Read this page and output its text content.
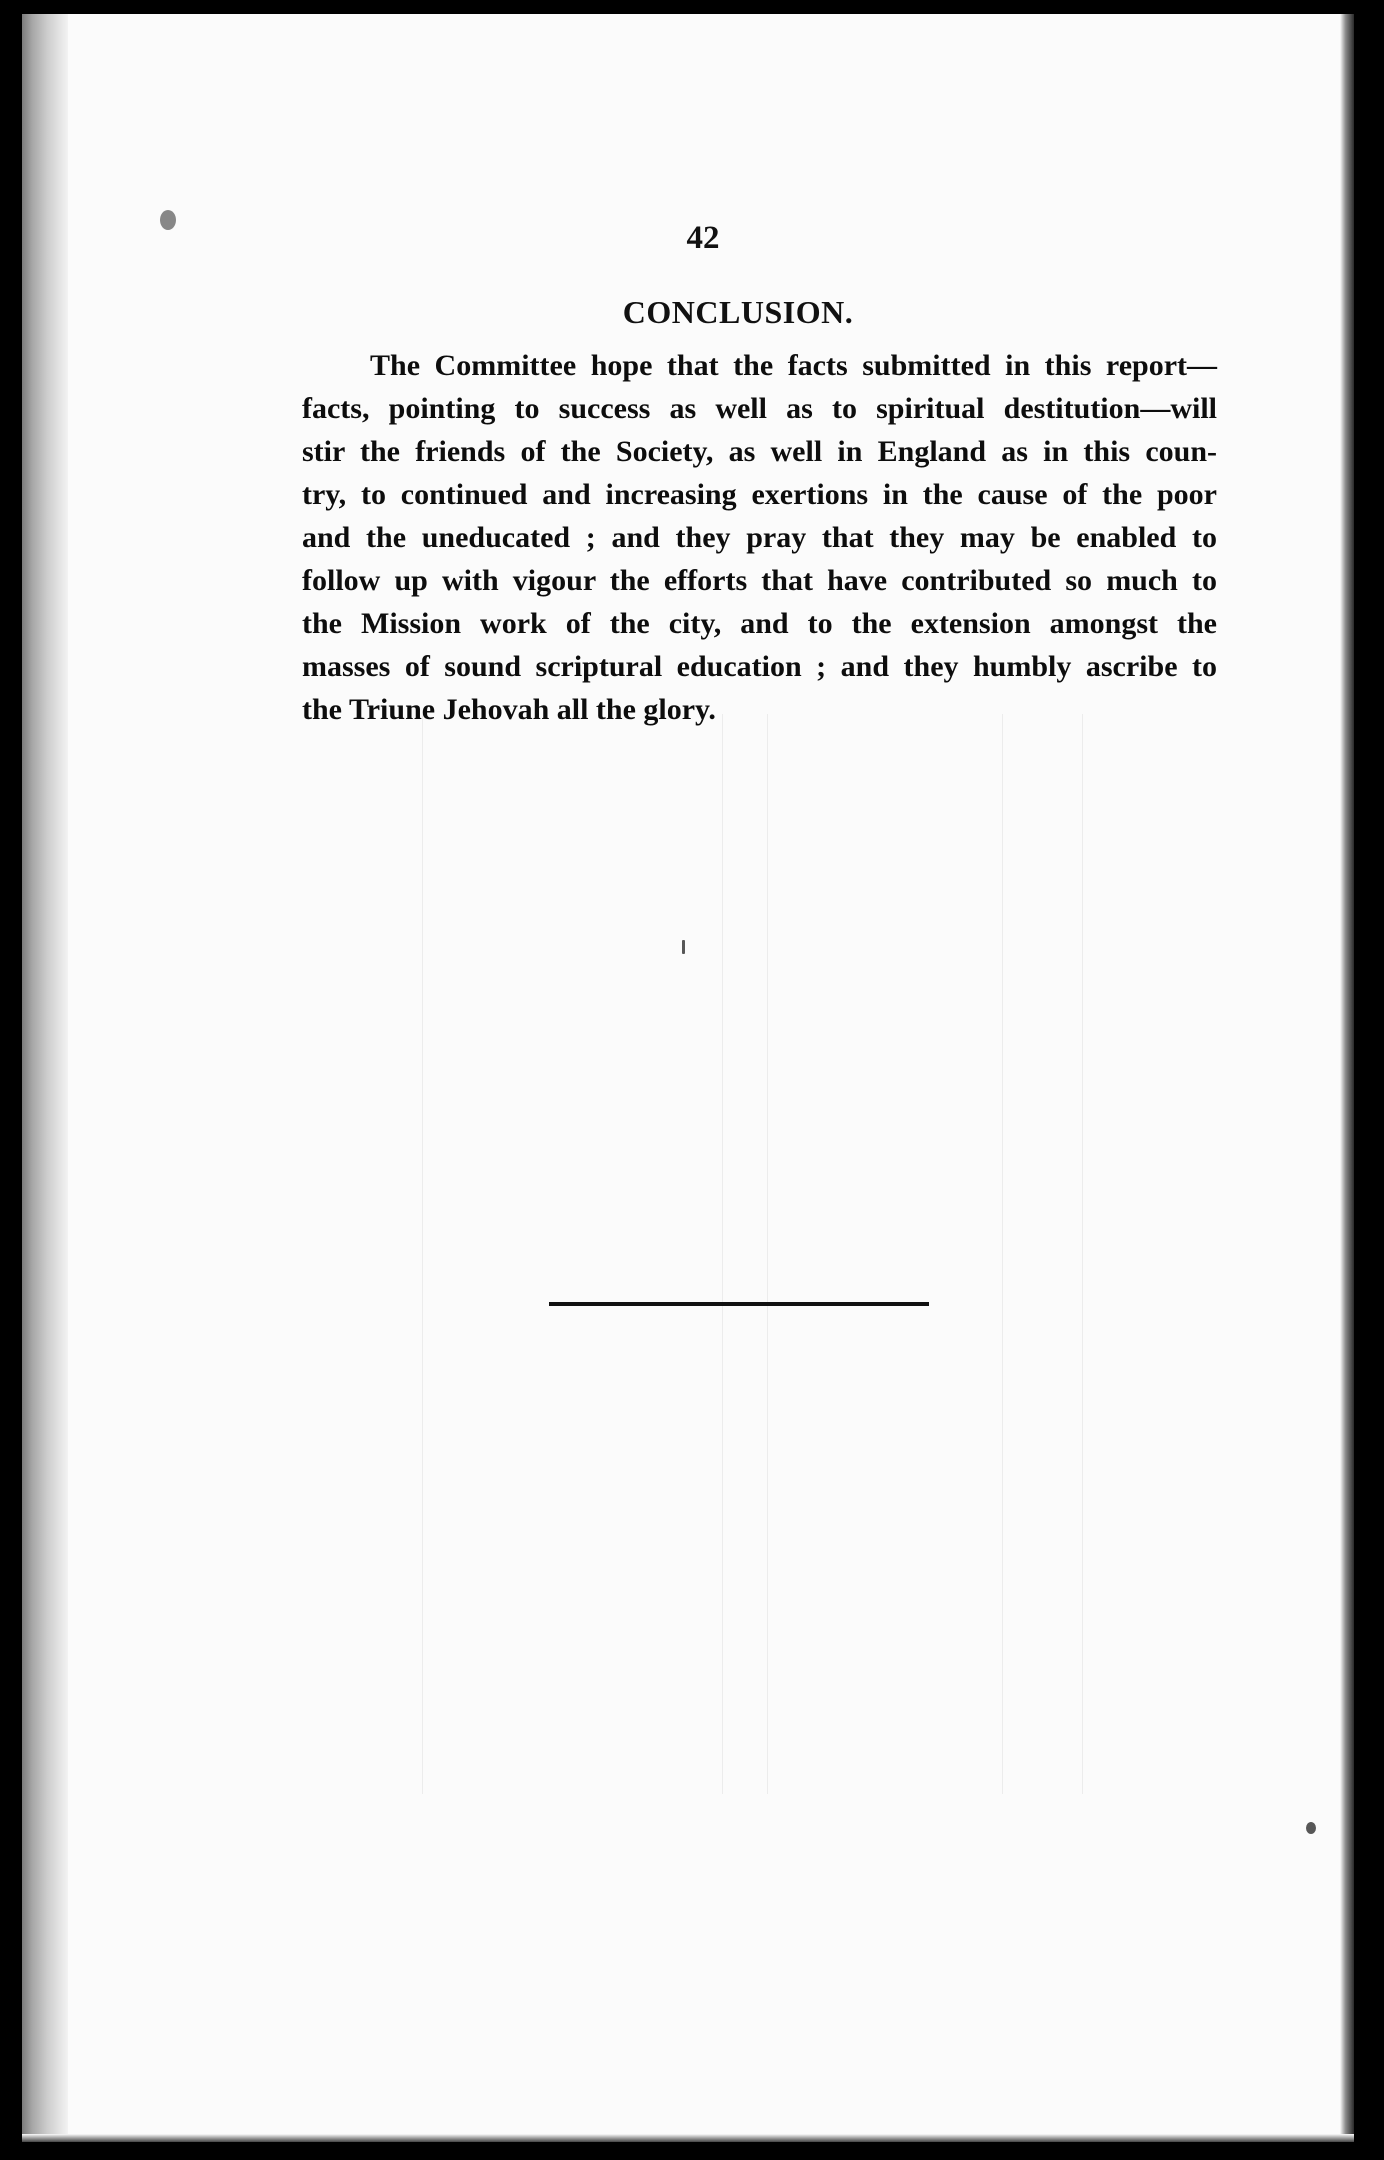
42
CONCLUSION.
The Committee hope that the facts submitted in this report—
facts, pointing to success as well as to spiritual destitution—will
stir the friends of the Society, as well in England as in this coun-
try, to continued and increasing exertions in the cause of the poor
and the uneducated ; and they pray that they may be enabled to
follow up with vigour the efforts that have contributed so much to
the Mission work of the city, and to the extension amongst the
masses of sound scriptural education ; and they humbly ascribe to
the Triune Jehovah all the glory.
